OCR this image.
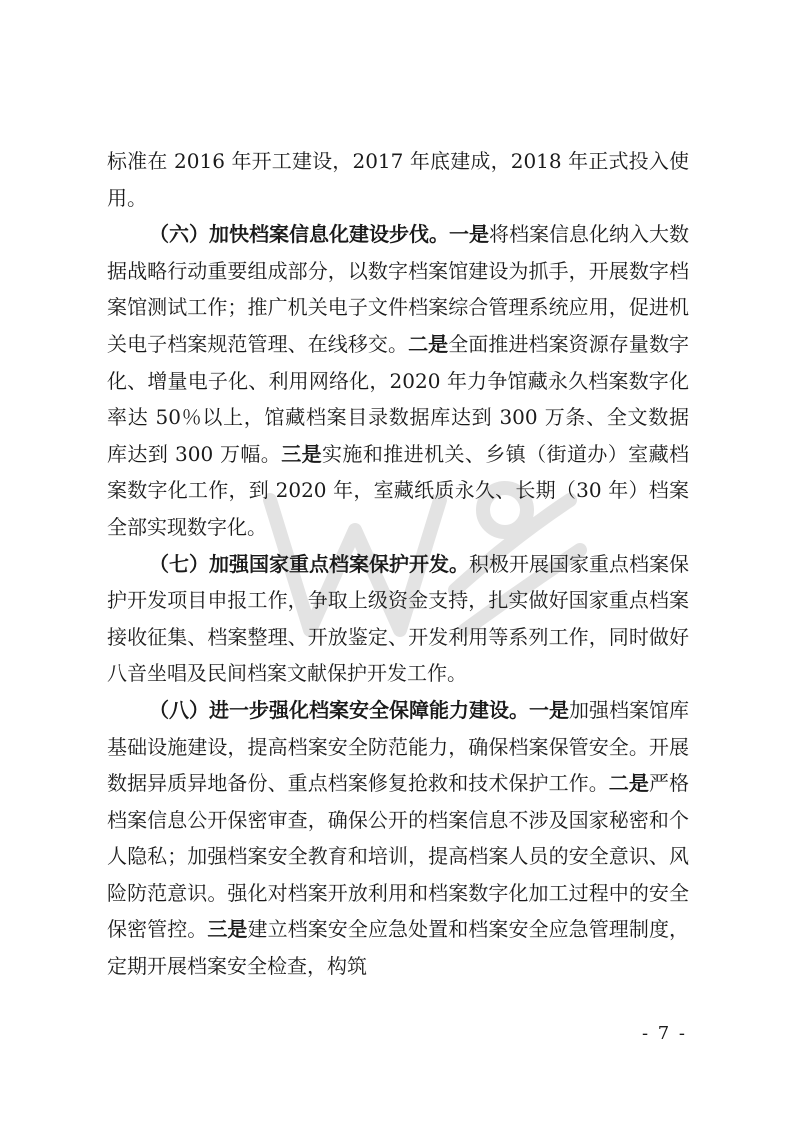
标准在 2016 年开工建设，2017 年底建成，2018 年正式投入使用。

（六）加快档案信息化建设步伐。一是将档案信息化纳入大数据战略行动重要组成部分，以数字档案馆建设为抓手，开展数字档案馆测试工作；推广机关电子文件档案综合管理系统应用，促进机关电子档案规范管理、在线移交。二是全面推进档案资源存量数字化、增量电子化、利用网络化，2020 年力争馆藏永久档案数字化率达 50％以上，馆藏档案目录数据库达到 300 万条、全文数据库达到 300 万幅。三是实施和推进机关、乡镇（街道办）室藏档案数字化工作，到 2020 年，室藏纸质永久、长期（30 年）档案全部实现数字化。

（七）加强国家重点档案保护开发。积极开展国家重点档案保护开发项目申报工作，争取上级资金支持，扎实做好国家重点档案接收征集、档案整理、开放鉴定、开发利用等系列工作，同时做好八音坐唱及民间档案文献保护开发工作。

（八）进一步强化档案安全保障能力建设。一是加强档案馆库基础设施建设，提高档案安全防范能力，确保档案保管安全。开展数据异质异地备份、重点档案修复抢救和技术保护工作。二是严格档案信息公开保密审查，确保公开的档案信息不涉及国家秘密和个人隐私；加强档案安全教育和培训，提高档案人员的安全意识、风险防范意识。强化对档案开放利用和档案数字化加工过程中的安全保密管控。三是建立档案安全应急处置和档案安全应急管理制度，定期开展档案安全检查，构筑

- 7 -
